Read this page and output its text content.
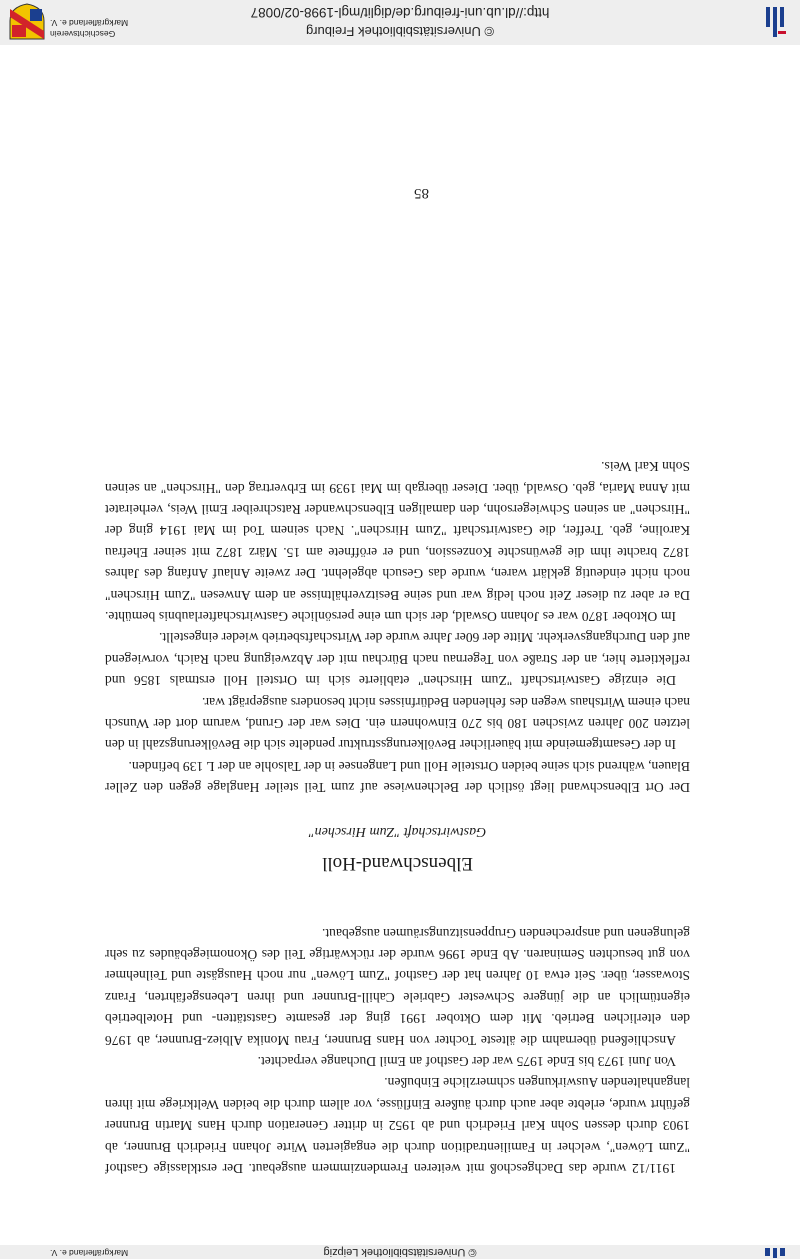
© Universitätsbibliothek Leipzig
Markgräflerland e. V.

1911/12 wurde das Dachgeschoß mit weiteren Fremdenzimmern ausgebaut. Der erstklassige Gasthof "Zum Löwen", welcher in Familientradition durch die engagierten Wirte Johann Friedrich Brunner, ab 1903 durch dessen Sohn Karl Friedrich und ab 1952 in dritter Generation durch Hans Martin Brunner geführt wurde, erlebte aber auch durch äußere Einflüsse, vor allem durch die beiden Weltkriege mit ihren langanhaltenden Auswirkungen schmerzliche Einbußen.

Von Juni 1973 bis Ende 1975 war der Gasthof an Emil Duchange verpachtet.

Anschließend übernahm die älteste Tochter von Hans Brunner, Frau Monika Albiez-Brunner, ab 1976 den elterlichen Betrieb. Mit dem Oktober 1991 ging der gesamte Gaststätten- und Hotelbetrieb eigentümlich an die jüngere Schwester Gabriele Cahill-Brunner und ihren Lebensgefährten, Franz Stowasser, über. Seit etwa 10 Jahren hat der Gasthof "Zum Löwen" nur noch Hausgäste und Teilnehmer von gut besuchten Seminaren. Ab Ende 1996 wurde der rückwärtige Teil des Ökonomiegebäudes zu sehr gelungenen und ansprechenden Gruppensitzungsräumen ausgebaut.

Elbenschwand-Holl
Gastwirtschaft "Zum Hirschen"

Der Ort Elbenschwand liegt östlich der Belchenwiese auf zum Teil steiler Hanglage gegen den Zeller Blauen, während sich seine beiden Ortsteile Holl und Langensee in der Talsohle an der L 139 befinden.

In der Gesamtgemeinde mit bäuerlicher Bevölkerungsstruktur pendelte sich die Bevölkerungszahl in den letzten 200 Jahren zwischen 180 bis 270 Einwohnern ein. Dies war der Grund, warum dort der Wunsch nach einem Wirtshaus wegen des fehlenden Bedürfnisses nicht besonders ausgeprägt war.

Die einzige Gastwirtschaft "Zum Hirschen" etablierte sich im Ortsteil Holl erstmals 1856 und reflektierte hier, an der Straße von Tegernau nach Bürchau mit der Abzweigung nach Raich, vorwiegend auf den Durchgangsverkehr. Mitte der 60er Jahre wurde der Wirtschaftsbetrieb wieder eingestellt.

Im Oktober 1870 war es Johann Oswald, der sich um eine persönliche Gastwirtschafterlaubnis bemühte. Da er aber zu dieser Zeit noch ledig war und seine Besitzverhältnisse an dem Anwesen "Zum Hirschen" noch nicht eindeutig geklärt waren, wurde das Gesuch abgelehnt. Der zweite Anlauf Anfang des Jahres 1872 brachte ihm die gewünschte Konzession, und er eröffnete am 15. März 1872 mit seiner Ehefrau Karoline, geb. Treffer, die Gastwirtschaft "Zum Hirschen". Nach seinem Tod im Mai 1914 ging der "Hirschen" an seinen Schwiegersohn, den damaligen Elbenschwander Ratschreiber Emil Weis, verheiratet mit Anna Maria, geb. Oswald, über. Dieser übergab im Mai 1939 im Erbvertrag den "Hirschen" an seinen Sohn Karl Weis.

85
© Universitätsbibliothek Freiburg
http://dl.ub.uni-freiburg.de/diglit/mgl-1998-02/0087
Geschichtsverein
Markgräflerland e. V.
